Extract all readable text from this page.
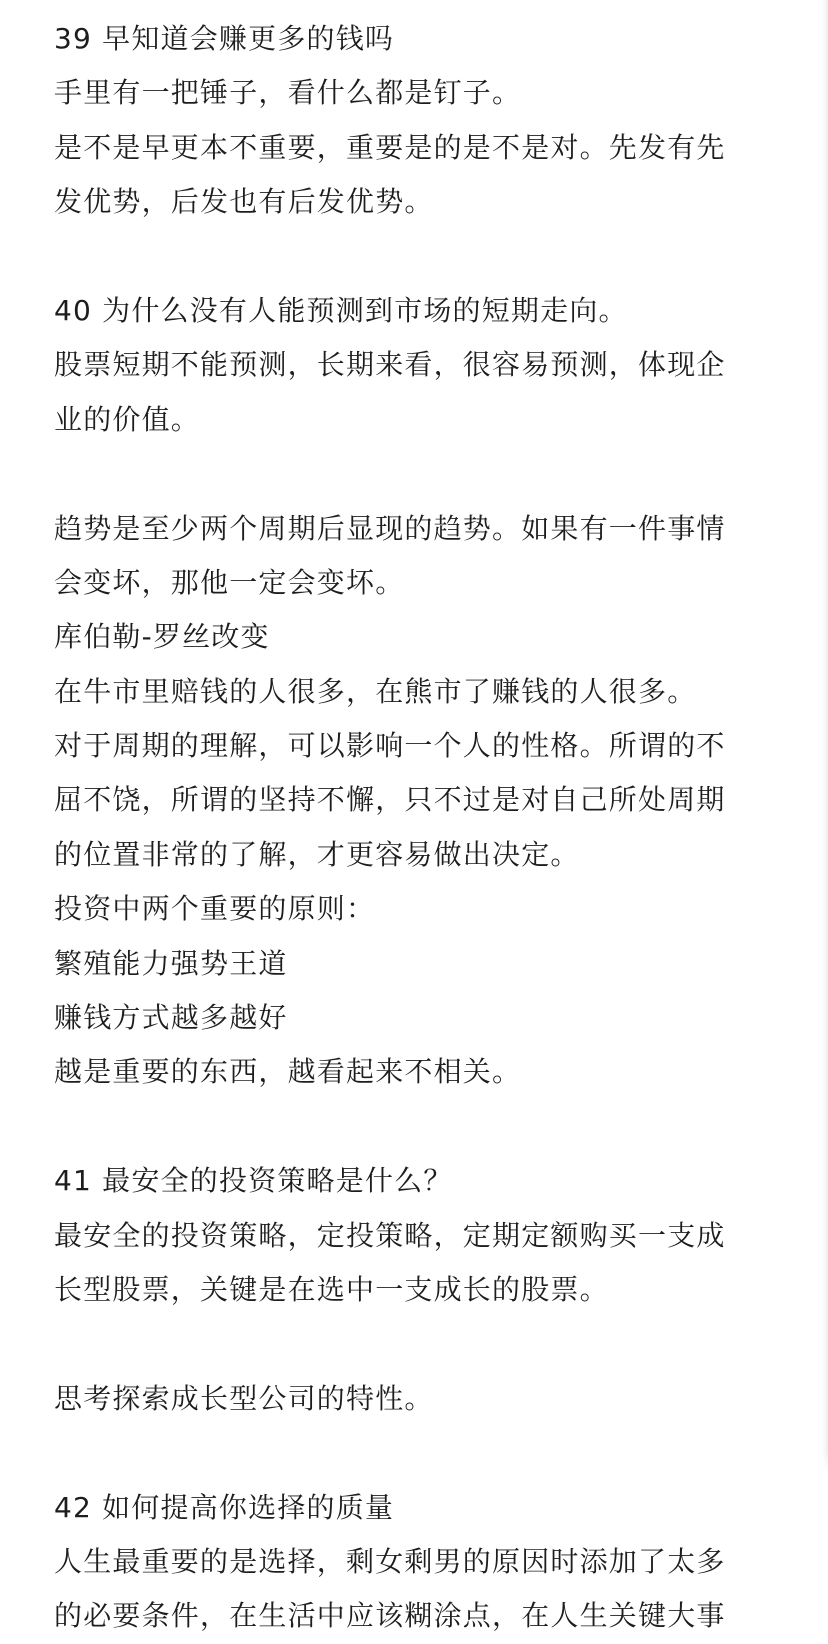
39 早知道会赚更多的钱吗
手里有一把锤子，看什么都是钉子。
是不是早更本不重要，重要是的是不是对。先发有先
发优势，后发也有后发优势。
40 为什么没有人能预测到市场的短期走向。
股票短期不能预测，长期来看，很容易预测，体现企
业的价值。
趋势是至少两个周期后显现的趋势。如果有一件事情
会变坏，那他一定会变坏。
库伯勒-罗丝改变
在牛市里赔钱的人很多，在熊市了赚钱的人很多。
对于周期的理解，可以影响一个人的性格。所谓的不
屈不饶，所谓的坚持不懈，只不过是对自己所处周期
的位置非常的了解，才更容易做出决定。
投资中两个重要的原则：
繁殖能力强势王道
赚钱方式越多越好
越是重要的东西，越看起来不相关。
41 最安全的投资策略是什么？
最安全的投资策略，定投策略，定期定额购买一支成
长型股票，关键是在选中一支成长的股票。
思考探索成长型公司的特性。
42 如何提高你选择的质量
人生最重要的是选择，剩女剩男的原因时添加了太多
的必要条件，在生活中应该糊涂点，在人生关键大事
